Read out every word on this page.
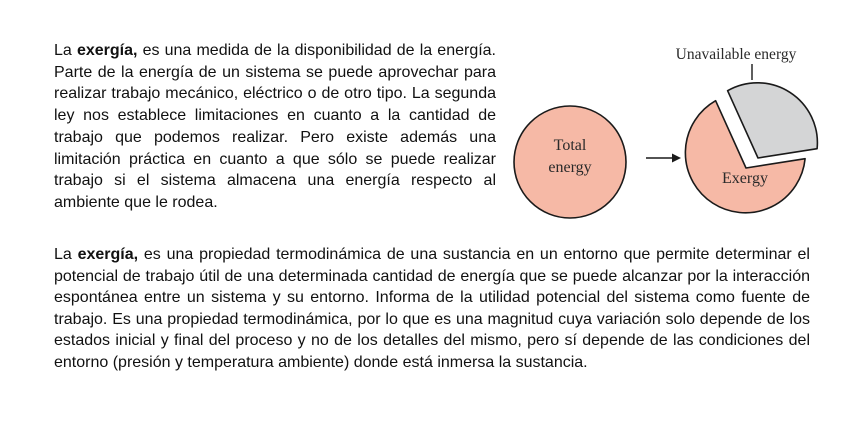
La exergía, es una medida de la disponibilidad de la energía. Parte de la energía de un sistema se puede aprovechar para realizar trabajo mecánico, eléctrico o de otro tipo. La segunda ley nos establece limitaciones en cuanto a la cantidad de trabajo que podemos realizar. Pero existe además una limitación práctica en cuanto a que sólo se puede realizar trabajo si el sistema almacena una energía respecto al ambiente que le rodea.
Total
energy
Exergy
Unavailable energy
La exergía, es una propiedad termodinámica de una sustancia en un entorno que permite determinar el potencial de trabajo útil de una determinada cantidad de energía que se puede alcanzar por la interacción espontánea entre un sistema y su entorno. Informa de la utilidad potencial del sistema como fuente de trabajo. Es una propiedad termodinámica, por lo que es una magnitud cuya variación solo depende de los estados inicial y final del proceso y no de los detalles del mismo, pero sí depende de las condiciones del entorno (presión y temperatura ambiente) donde está inmersa la sustancia.
